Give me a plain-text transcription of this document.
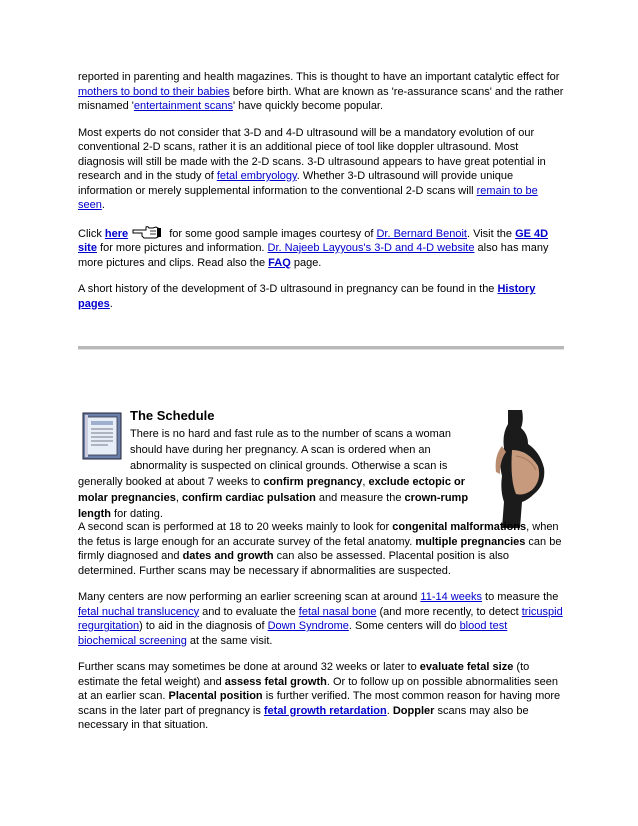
reported in parenting and health magazines. This is thought to have an important catalytic effect for mothers to bond to their babies before birth. What are known as 're-assurance scans' and the rather misnamed 'entertainment scans' have quickly become popular.

Most experts do not consider that 3-D and 4-D ultrasound will be a mandatory evolution of our conventional 2-D scans, rather it is an additional piece of tool like doppler ultrasound. Most diagnosis will still be made with the 2-D scans. 3-D ultrasound appears to have great potential in research and in the study of fetal embryology. Whether 3-D ultrasound will provide unique information or merely supplemental information to the conventional 2-D scans will remain to be seen.

Click here	for some good sample images courtesy of Dr. Bernard Benoit. Visit the GE 4D site for more pictures and information. Dr. Najeeb Layyous's 3-D and 4-D website also has many more pictures and clips. Read also the FAQ page.

A short history of the development of 3-D ultrasound in pregnancy can be found in the History pages.

The Schedule
There is no hard and fast rule as to the number of scans a woman
should have during her pregnancy. A scan is ordered when an
abnormality is suspected on clinical grounds. Otherwise a scan is
generally booked at about 7 weeks to confirm pregnancy, exclude ectopic or molar pregnancies, confirm cardiac pulsation and measure the crown-rump length for dating.

A second scan is performed at 18 to 20 weeks mainly to look for congenital malformations, when the fetus is large enough for an accurate survey of the fetal anatomy. multiple pregnancies can be firmly diagnosed and dates and growth can also be assessed. Placental position is also determined. Further scans may be necessary if abnormalities are suspected.

Many centers are now performing an earlier screening scan at around 11-14 weeks to measure the fetal nuchal translucency and to evaluate the fetal nasal bone (and more recently, to detect tricuspid regurgitation) to aid in the diagnosis of Down Syndrome. Some centers will do blood test biochemical screening at the same visit.

Further scans may sometimes be done at around 32 weeks or later to evaluate fetal size (to estimate the fetal weight) and assess fetal growth. Or to follow up on possible abnormalities seen at an earlier scan. Placental position is further verified. The most common reason for having more scans in the later part of pregnancy is fetal growth retardation. Doppler scans may also be necessary in that situation.
